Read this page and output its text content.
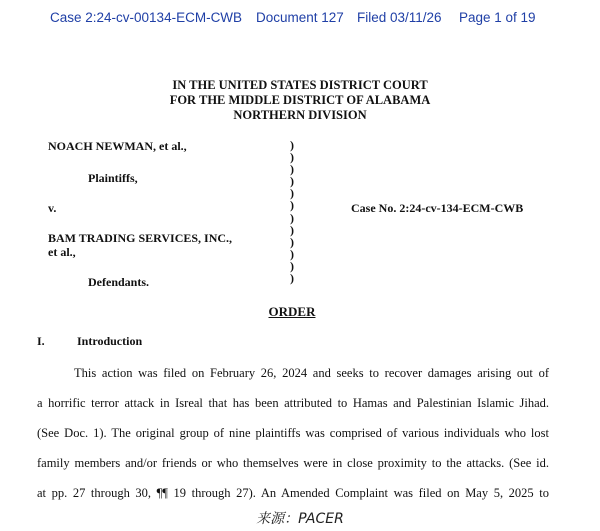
Case 2:24-cv-00134-ECM-CWB Document 127 Filed 03/11/26 Page 1 of 19
IN THE UNITED STATES DISTRICT COURT
FOR THE MIDDLE DISTRICT OF ALABAMA
NORTHERN DIVISION
NOACH NEWMAN, et al.,
Plaintiffs,
v.
BAM TRADING SERVICES, INC.,
et al.,
Defendants.
Case No. 2:24-cv-134-ECM-CWB
)
)
)
)
)
)
)
)
)
)
)
)
ORDER
I.	Introduction
This action was filed on February 26, 2024 and seeks to recover damages arising out of
a horrific terror attack in Isreal that has been attributed to Hamas and Palestinian Islamic Jihad.
(See Doc. 1). The original group of nine plaintiffs was comprised of various individuals who lost
family members and/or friends or who themselves were in close proximity to the attacks. (See id.
at pp. 27 through 30, ¶¶ 19 through 27). An Amended Complaint was filed on May 5, 2025 to
来源：PACER
